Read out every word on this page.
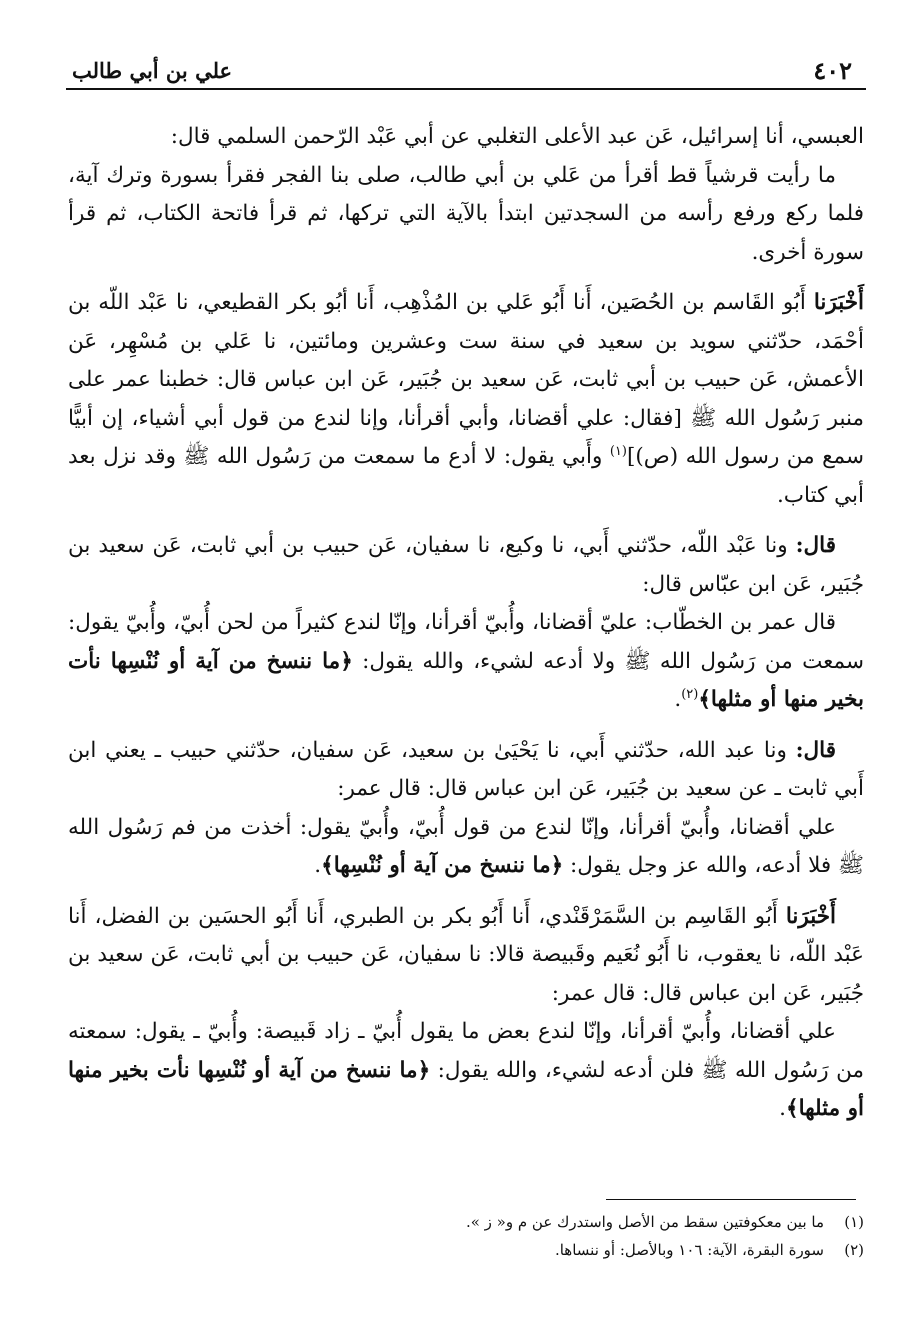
٤٠٢
علي بن أبي طالب

العبسي، أنا إسرائيل، عَن عبد الأعلى التغلبي عن أبي عَبْد الرّحمن السلمي قال:

ما رأيت قرشياً قط أقرأ من عَلي بن أبي طالب، صلى بنا الفجر فقرأ بسورة وترك آية، فلما ركع ورفع رأسه من السجدتين ابتدأ بالآية التي تركها، ثم قرأ فاتحة الكتاب، ثم قرأ سورة أخرى.

أَخْبَرَنا أَبُو القَاسم بن الحُصَين، أَنا أَبُو عَلي بن المُذْهِب، أَنا أبُو بكر القطيعي، نا عَبْد اللّه بن أحْمَد، حدّثني سويد بن سعيد في سنة ست وعشرين ومائتين، نا عَلي بن مُسْهِر، عَن الأعمش، عَن حبيب بن أبي ثابت، عَن سعيد بن جُبَير، عَن ابن عباس قال: خطبنا عمر على منبر رَسُول الله ﷺ [فقال: علي أقضانا، وأبي أقرأنا، وإنا لندع من قول أبي أشياء، إن أبيًّا سمع من رسول الله (ص)]$^{(١)}$ وأَبي يقول: لا أدع ما سمعت من رَسُول الله ﷺ وقد نزل بعد أبي كتاب.

قال: ونا عَبْد اللّه، حدّثني أَبي، نا وكيع، نا سفيان، عَن حبيب بن أبي ثابت، عَن سعيد بن جُبَير، عَن ابن عبّاس قال:

قال عمر بن الخطّاب: عليّ أقضانا، وأُبيّ أقرأنا، وإنّا لندع كثيراً من لحن أُبيّ، وأُبيّ يقول: سمعت من رَسُول الله ﷺ ولا أدعه لشيء، والله يقول: ﴿ما ننسخ من آية أو نُنْسِها نأت بخير منها أو مثلها﴾$^{(٢)}$.

قال: ونا عبد الله، حدّثني أَبي، نا يَحْيَىٰ بن سعيد، عَن سفيان، حدّثني حبيب ـ يعني ابن أَبي ثابت ـ عن سعيد بن جُبَير، عَن ابن عباس قال: قال عمر:

علي أقضانا، وأُبيّ أقرأنا، وإنّا لندع من قول أُبيّ، وأُبيّ يقول: أخذت من فم رَسُول الله ﷺ فلا أدعه، والله عز وجل يقول: ﴿ما ننسخ من آية أو نُنْسِها﴾.

أَخْبَرَنا أَبُو القَاسِم بن السَّمَرْقَنْدي، أَنا أَبُو بكر بن الطبري، أَنا أَبُو الحسَين بن الفضل، أَنا عَبْد اللّه، نا يعقوب، نا أَبُو نُعَيم وقَبيصة قالا: نا سفيان، عَن حبيب بن أبي ثابت، عَن سعيد بن جُبَير، عَن ابن عباس قال: قال عمر:

علي أقضانا، وأُبيّ أقرأنا، وإنّا لندع بعض ما يقول أُبيّ ـ زاد قَبيصة: وأُبيّ ـ يقول: سمعته من رَسُول الله ﷺ فلن أدعه لشيء، والله يقول: ﴿ما ننسخ من آية أو نُنْسِها نأت بخير منها أو مثلها﴾.

(١)ما بين معكوفتين سقط من الأصل واستدرك عن م و« ز ».

(٢)سورة البقرة، الآية: ١٠٦ وبالأصل: أو ننساها.
